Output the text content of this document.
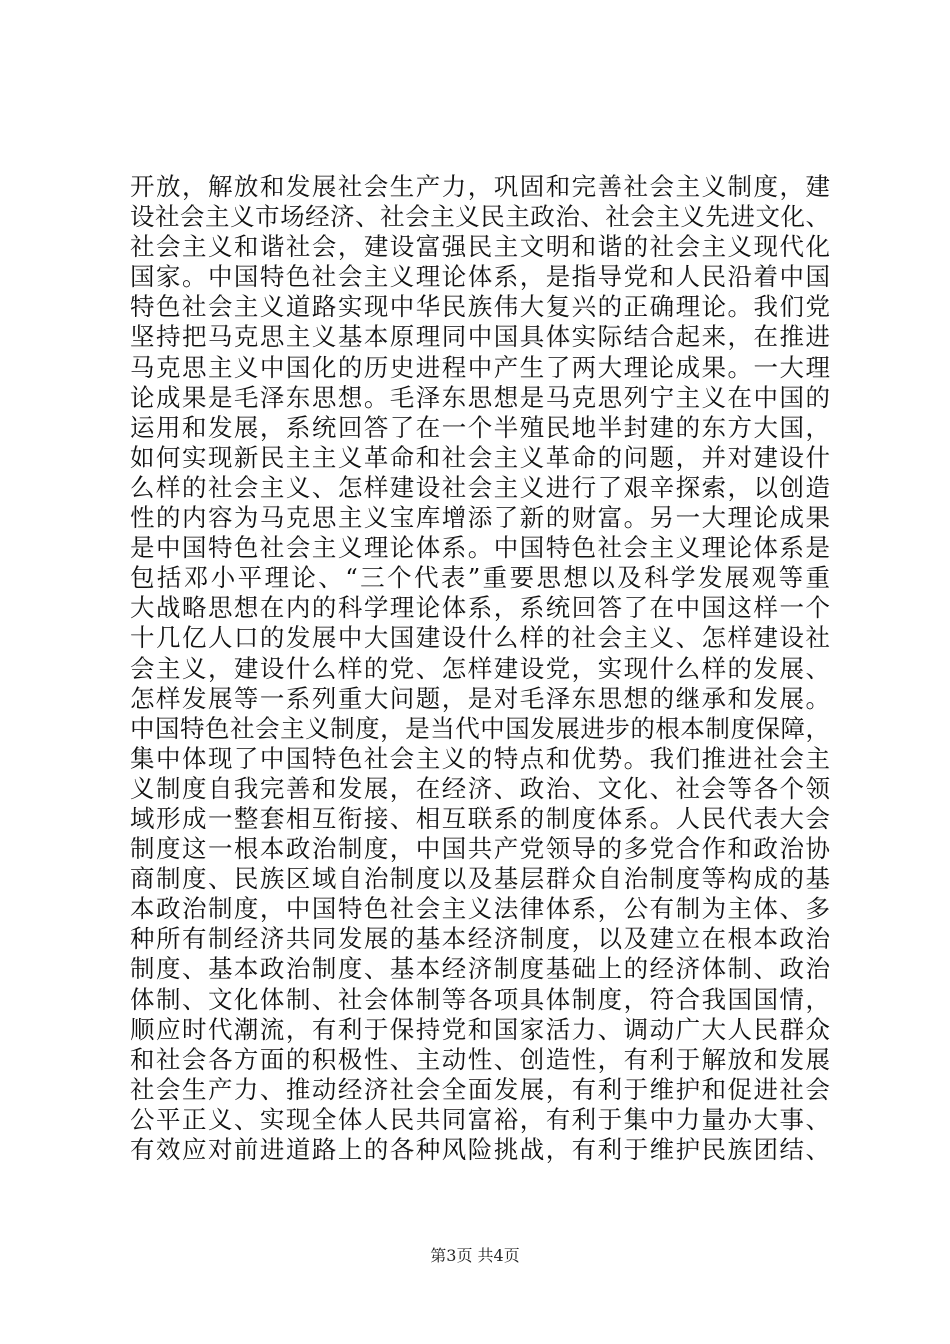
开放，解放和发展社会生产力，巩固和完善社会主义制度，建
设社会主义市场经济、社会主义民主政治、社会主义先进文化、
社会主义和谐社会，建设富强民主文明和谐的社会主义现代化
国家。中国特色社会主义理论体系，是指导党和人民沿着中国
特色社会主义道路实现中华民族伟大复兴的正确理论。我们党
坚持把马克思主义基本原理同中国具体实际结合起来，在推进
马克思主义中国化的历史进程中产生了两大理论成果。一大理
论成果是毛泽东思想。毛泽东思想是马克思列宁主义在中国的
运用和发展，系统回答了在一个半殖民地半封建的东方大国，
如何实现新民主主义革命和社会主义革命的问题，并对建设什
么样的社会主义、怎样建设社会主义进行了艰辛探索，以创造
性的内容为马克思主义宝库增添了新的财富。另一大理论成果
是中国特色社会主义理论体系。中国特色社会主义理论体系是
包括邓小平理论、“三个代表”重要思想以及科学发展观等重
大战略思想在内的科学理论体系，系统回答了在中国这样一个
十几亿人口的发展中大国建设什么样的社会主义、怎样建设社
会主义，建设什么样的党、怎样建设党，实现什么样的发展、
怎样发展等一系列重大问题，是对毛泽东思想的继承和发展。
中国特色社会主义制度，是当代中国发展进步的根本制度保障，
集中体现了中国特色社会主义的特点和优势。我们推进社会主
义制度自我完善和发展，在经济、政治、文化、社会等各个领
域形成一整套相互衔接、相互联系的制度体系。人民代表大会
制度这一根本政治制度，中国共产党领导的多党合作和政治协
商制度、民族区域自治制度以及基层群众自治制度等构成的基
本政治制度，中国特色社会主义法律体系，公有制为主体、多
种所有制经济共同发展的基本经济制度，以及建立在根本政治
制度、基本政治制度、基本经济制度基础上的经济体制、政治
体制、文化体制、社会体制等各项具体制度，符合我国国情，
顺应时代潮流，有利于保持党和国家活力、调动广大人民群众
和社会各方面的积极性、主动性、创造性，有利于解放和发展
社会生产力、推动经济社会全面发展，有利于维护和促进社会
公平正义、实现全体人民共同富裕，有利于集中力量办大事、
有效应对前进道路上的各种风险挑战，有利于维护民族团结、
第3页 共4页
